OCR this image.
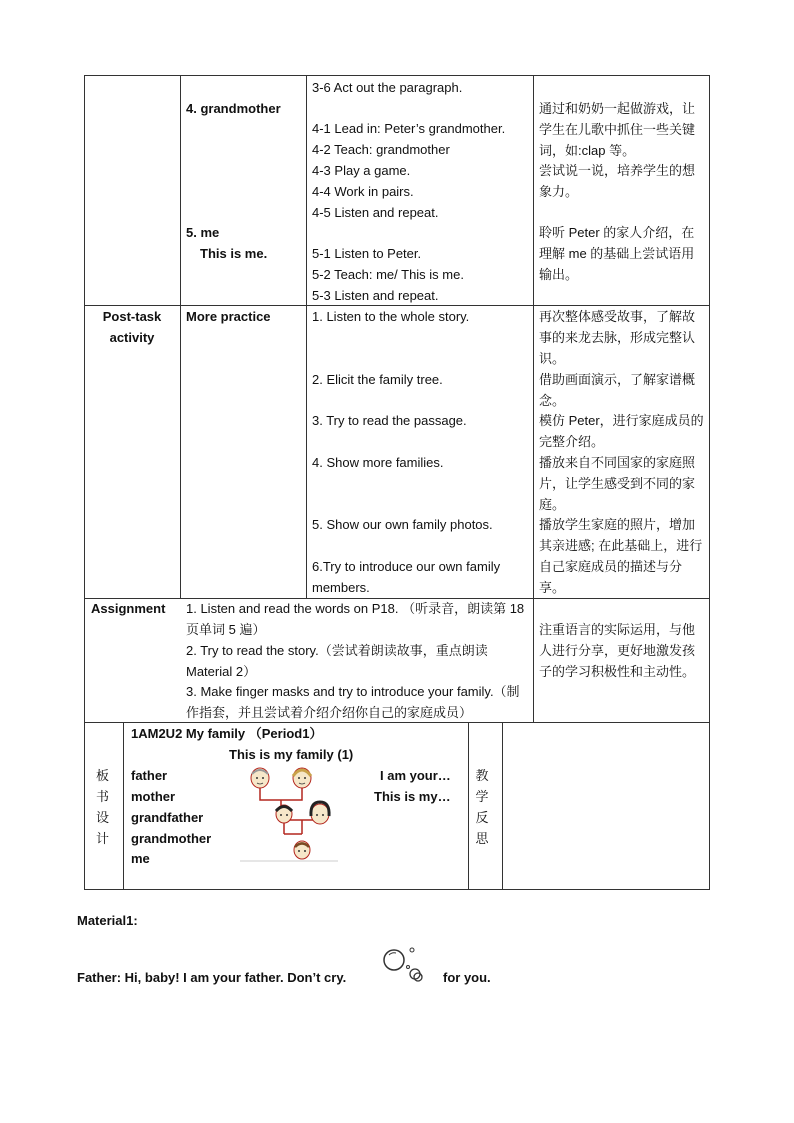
4. grandmother
5. me
This is me.
3-6 Act out the paragraph.
4-1 Lead in: Peter’s grandmother.
4-2 Teach: grandmother
4-3 Play a game.
4-4 Work in pairs.
4-5 Listen and repeat.
5-1 Listen to Peter.
5-2 Teach: me/ This is me.
5-3 Listen and repeat.
通过和奶奶一起做游戏，让学生在儿歌中抓住一些关键词，如:clap 等。
尝试说一说，培养学生的想象力。
聆听 Peter 的家人介绍，在理解 me 的基础上尝试语用输出。
Post-task activity
More practice	1. Listen to the whole story.
2. Elicit the family tree.
3. Try to read the passage.
4. Show more families.
5. Show our own family photos.
6.Try to introduce our own family members.
再次整体感受故事，了解故事的来龙去脉，形成完整认识。
借助画面演示，了解家谱概念。
模仿 Peter，进行家庭成员的完整介绍。
播放来自不同国家的家庭照片，让学生感受到不同的家庭。
播放学生家庭的照片，增加其亲进感; 在此基础上，进行自己家庭成员的描述与分享。
Assignment 1. Listen and read the words on P18. （听录音，朗读第 18 页单词 5 遍）
2. Try to read the story.（尝试着朗读故事，重点朗读 Material 2）
3. Make finger masks and try to introduce your family.（制作指套，并且尝试着介绍介绍你自己的家庭成员）
注重语言的实际运用，与他人进行分享，更好地激发孩子的学习积极性和主动性。
板书设计
1AM2U2 My family （Period1）
This is my family (1)
father
mother
grandfather
grandmother
me
I am your…
This is my…
教学反思
Material1:
Father: Hi, baby! I am your father. Don’t cry.	for you.
